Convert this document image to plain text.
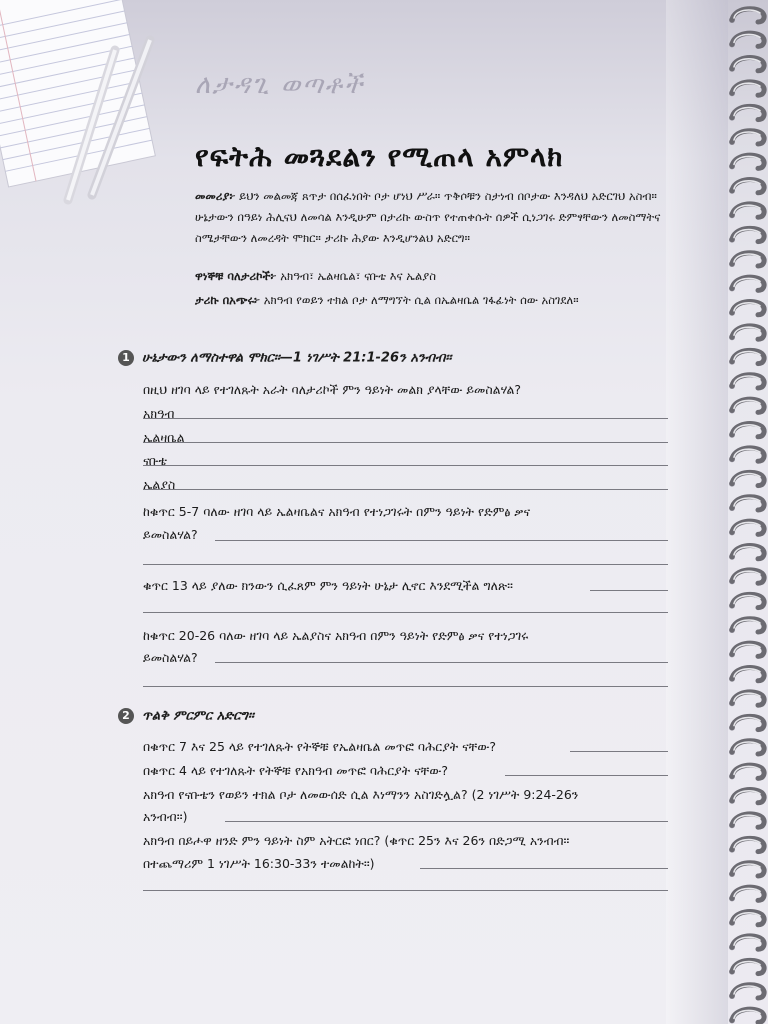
ለታዳጊ ወጣቶች
የፍትሕ መጓደልን የሚጠላ አምላክ
መመሪያ፦ ይህን መልመጃ ጸጥታ በሰፈነበት ቦታ ሆነህ ሥራ። ጥቅሶቹን ስታነብ በቦታው እንዳለህ አድርገህ አስብ። ሁኔታውን በዓይነ ሕሊናህ ለመሳል እንዲሁም በታሪኩ ውስጥ የተጠቀሱት ሰዎች ሲነጋገሩ ድምፃቸውን ለመስማትና ስሜታቸውን ለመረዳት ሞክር። ታሪኩ ሕያው እንዲሆንልህ አድርግ።
ዋነኞቹ ባለታሪኮች፦ አክዓብ፣ ኤልዛቤል፣ ናቡቴ እና ኤልያስ
ታሪኩ በአጭሩ፦ አክዓብ የወይን ተክል ቦታ ለማግኘት ሲል በኤልዛቤል ገፋፊነት ሰው አስገደለ።
1 ሁኔታውን ለማስተዋል ሞክር።—1 ነገሥት 21:1-26ን አንብብ።
በዚህ ዘገባ ላይ የተገለጹት አራት ባለታሪኮች ምን ዓይነት መልክ ያላቸው ይመስልሃል?
አክዓብ
ኤልዛቤል
ናቡቴ
ኤልያስ
ከቁጥር 5-7 ባለው ዘገባ ላይ ኤልዛቤልና አክዓብ የተነጋገሩት በምን ዓይነት የድምፅ ቃና
ይመስልሃል?
ቁጥር 13 ላይ ያለው ክንውን ሲፈጸም ምን ዓይነት ሁኔታ ሊኖር እንደሚችል ግለጽ።
ከቁጥር 20-26 ባለው ዘገባ ላይ ኤልያስና አክዓብ በምን ዓይነት የድምፅ ቃና የተነጋገሩ
ይመስልሃል?
2 ጥልቅ ምርምር አድርግ።
በቁጥር 7 እና 25 ላይ የተገለጹት የትኞቹ የኤልዛቤል መጥፎ ባሕርያት ናቸው?
በቁጥር 4 ላይ የተገለጹት የትኞቹ የአክዓብ መጥፎ ባሕርያት ናቸው?
አክዓብ የናቡቴን የወይን ተክል ቦታ ለመውሰድ ሲል እነማንን አስገድሏል? (2 ነገሥት 9:24-26ን
አንብብ።)
አክዓብ በይሖዋ ዘንድ ምን ዓይነት ስም አትርፎ ነበር? (ቁጥር 25ን እና 26ን በድጋሚ አንብብ።
በተጨማሪም 1 ነገሥት 16:30-33ን ተመልከት።)
